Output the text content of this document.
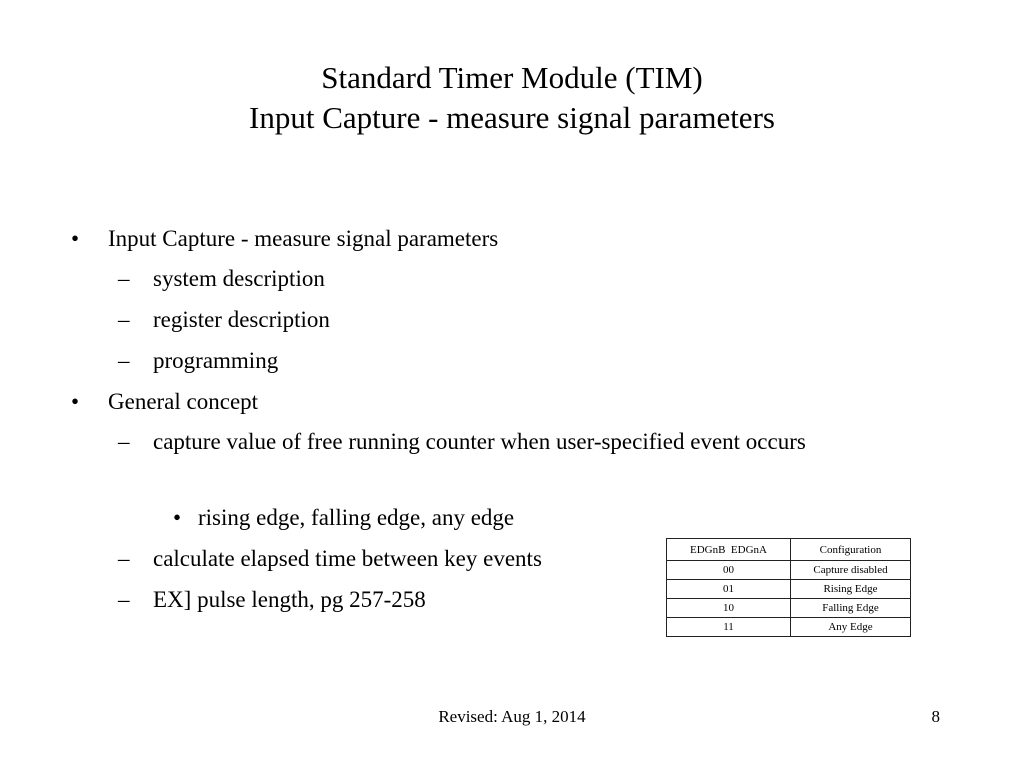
Standard Timer Module (TIM)
Input Capture - measure signal parameters
• Input Capture - measure signal parameters
– system description
– register description
– programming
• General concept
– capture value of free running counter when user-specified event occurs
• rising edge, falling edge, any edge
– calculate elapsed time between key events
– EX] pulse length, pg 257-258
EDGnB  EDGnA	Configuration
00	Capture disabled
01	Rising Edge
10	Falling Edge
11	Any Edge
Revised: Aug 1, 2014	8
